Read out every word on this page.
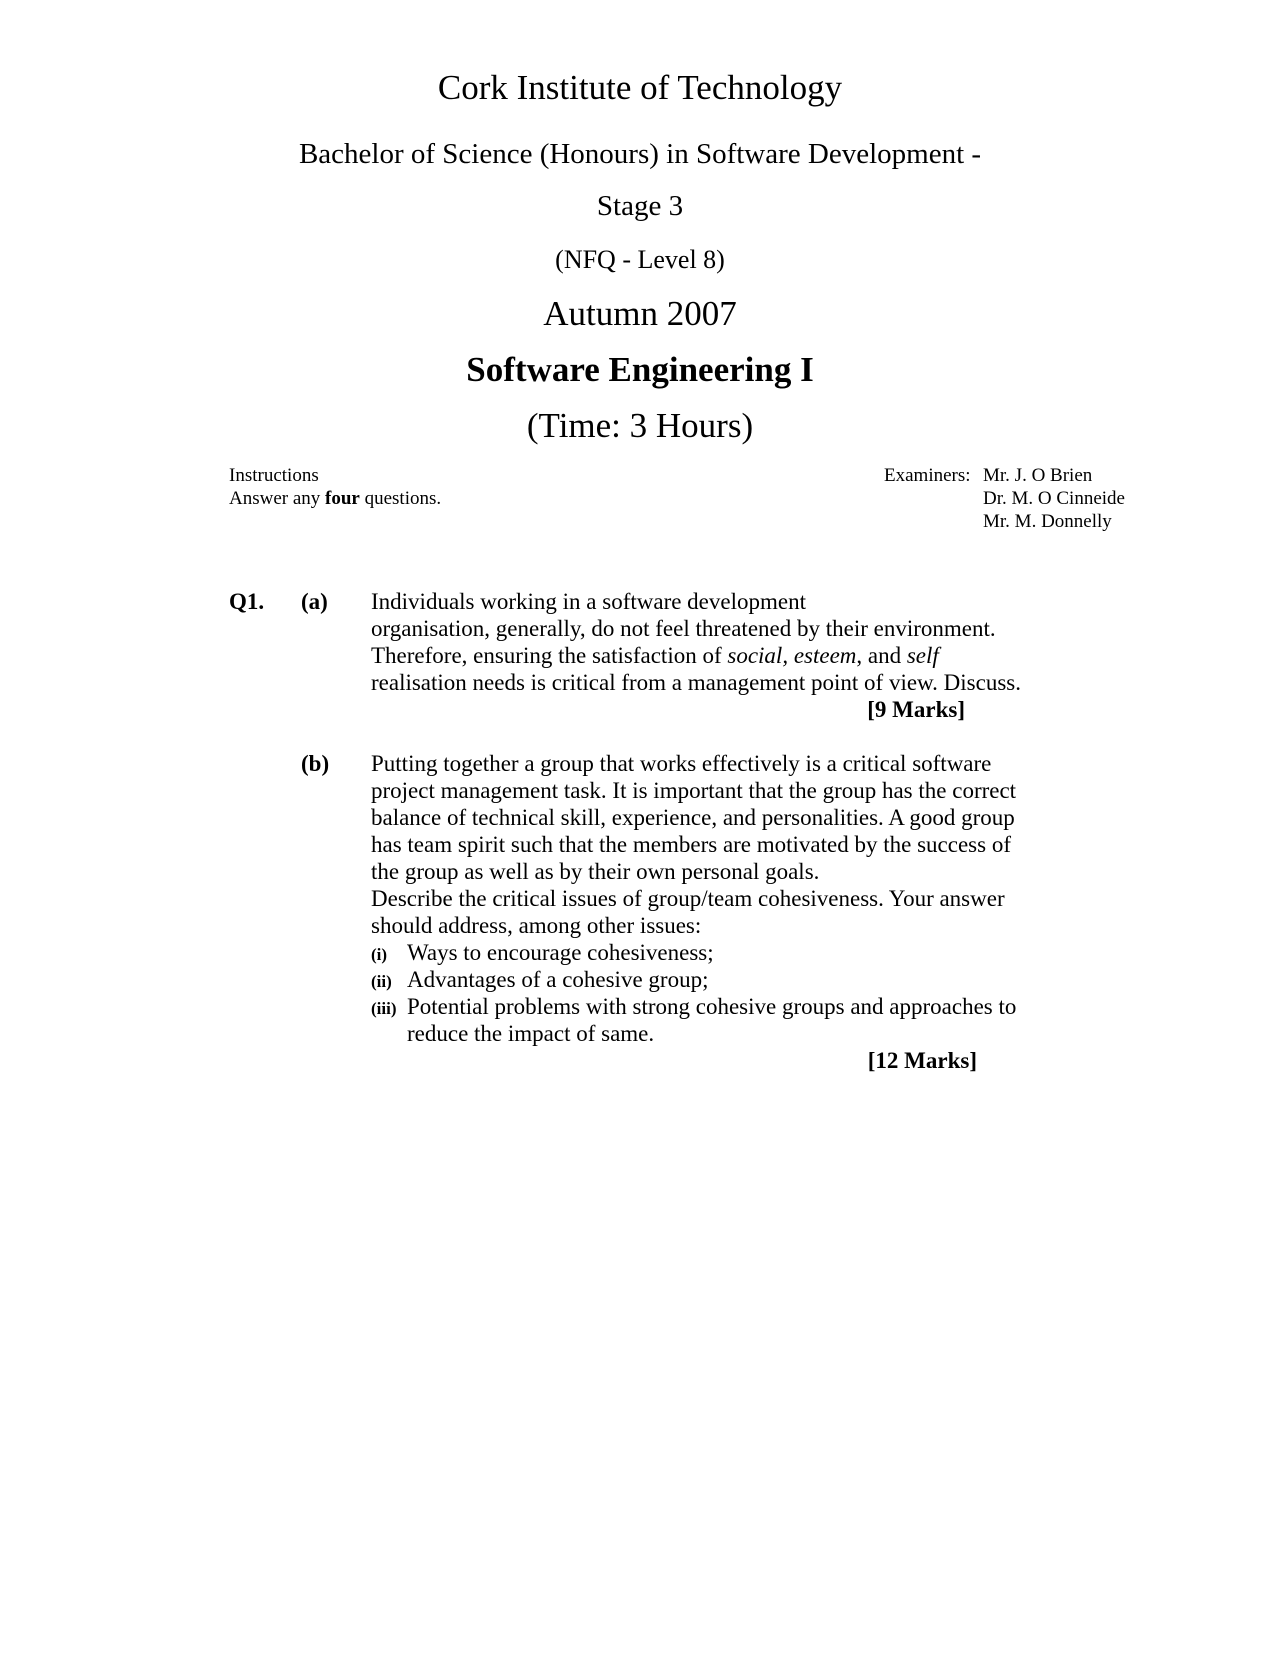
Cork Institute of Technology
Bachelor of Science (Honours) in Software Development -
Stage 3
(NFQ - Level 8)
Autumn 2007
Software Engineering I
(Time: 3 Hours)
Instructions
Answer any four questions.
Examiners: Mr. J. O Brien
Dr. M. O Cinneide
Mr. M. Donnelly
Q1. (a) Individuals working in a software development
organisation, generally, do not feel threatened by their environment.
Therefore, ensuring the satisfaction of social, esteem, and self
realisation needs is critical from a management point of view. Discuss.
[9 Marks]
(b) Putting together a group that works effectively is a critical software
project management task. It is important that the group has the correct
balance of technical skill, experience, and personalities. A good group
has team spirit such that the members are motivated by the success of
the group as well as by their own personal goals.
Describe the critical issues of group/team cohesiveness. Your answer
should address, among other issues:
(i) Ways to encourage cohesiveness;
(ii) Advantages of a cohesive group;
(iii) Potential problems with strong cohesive groups and approaches to
reduce the impact of same.
[12 Marks]
